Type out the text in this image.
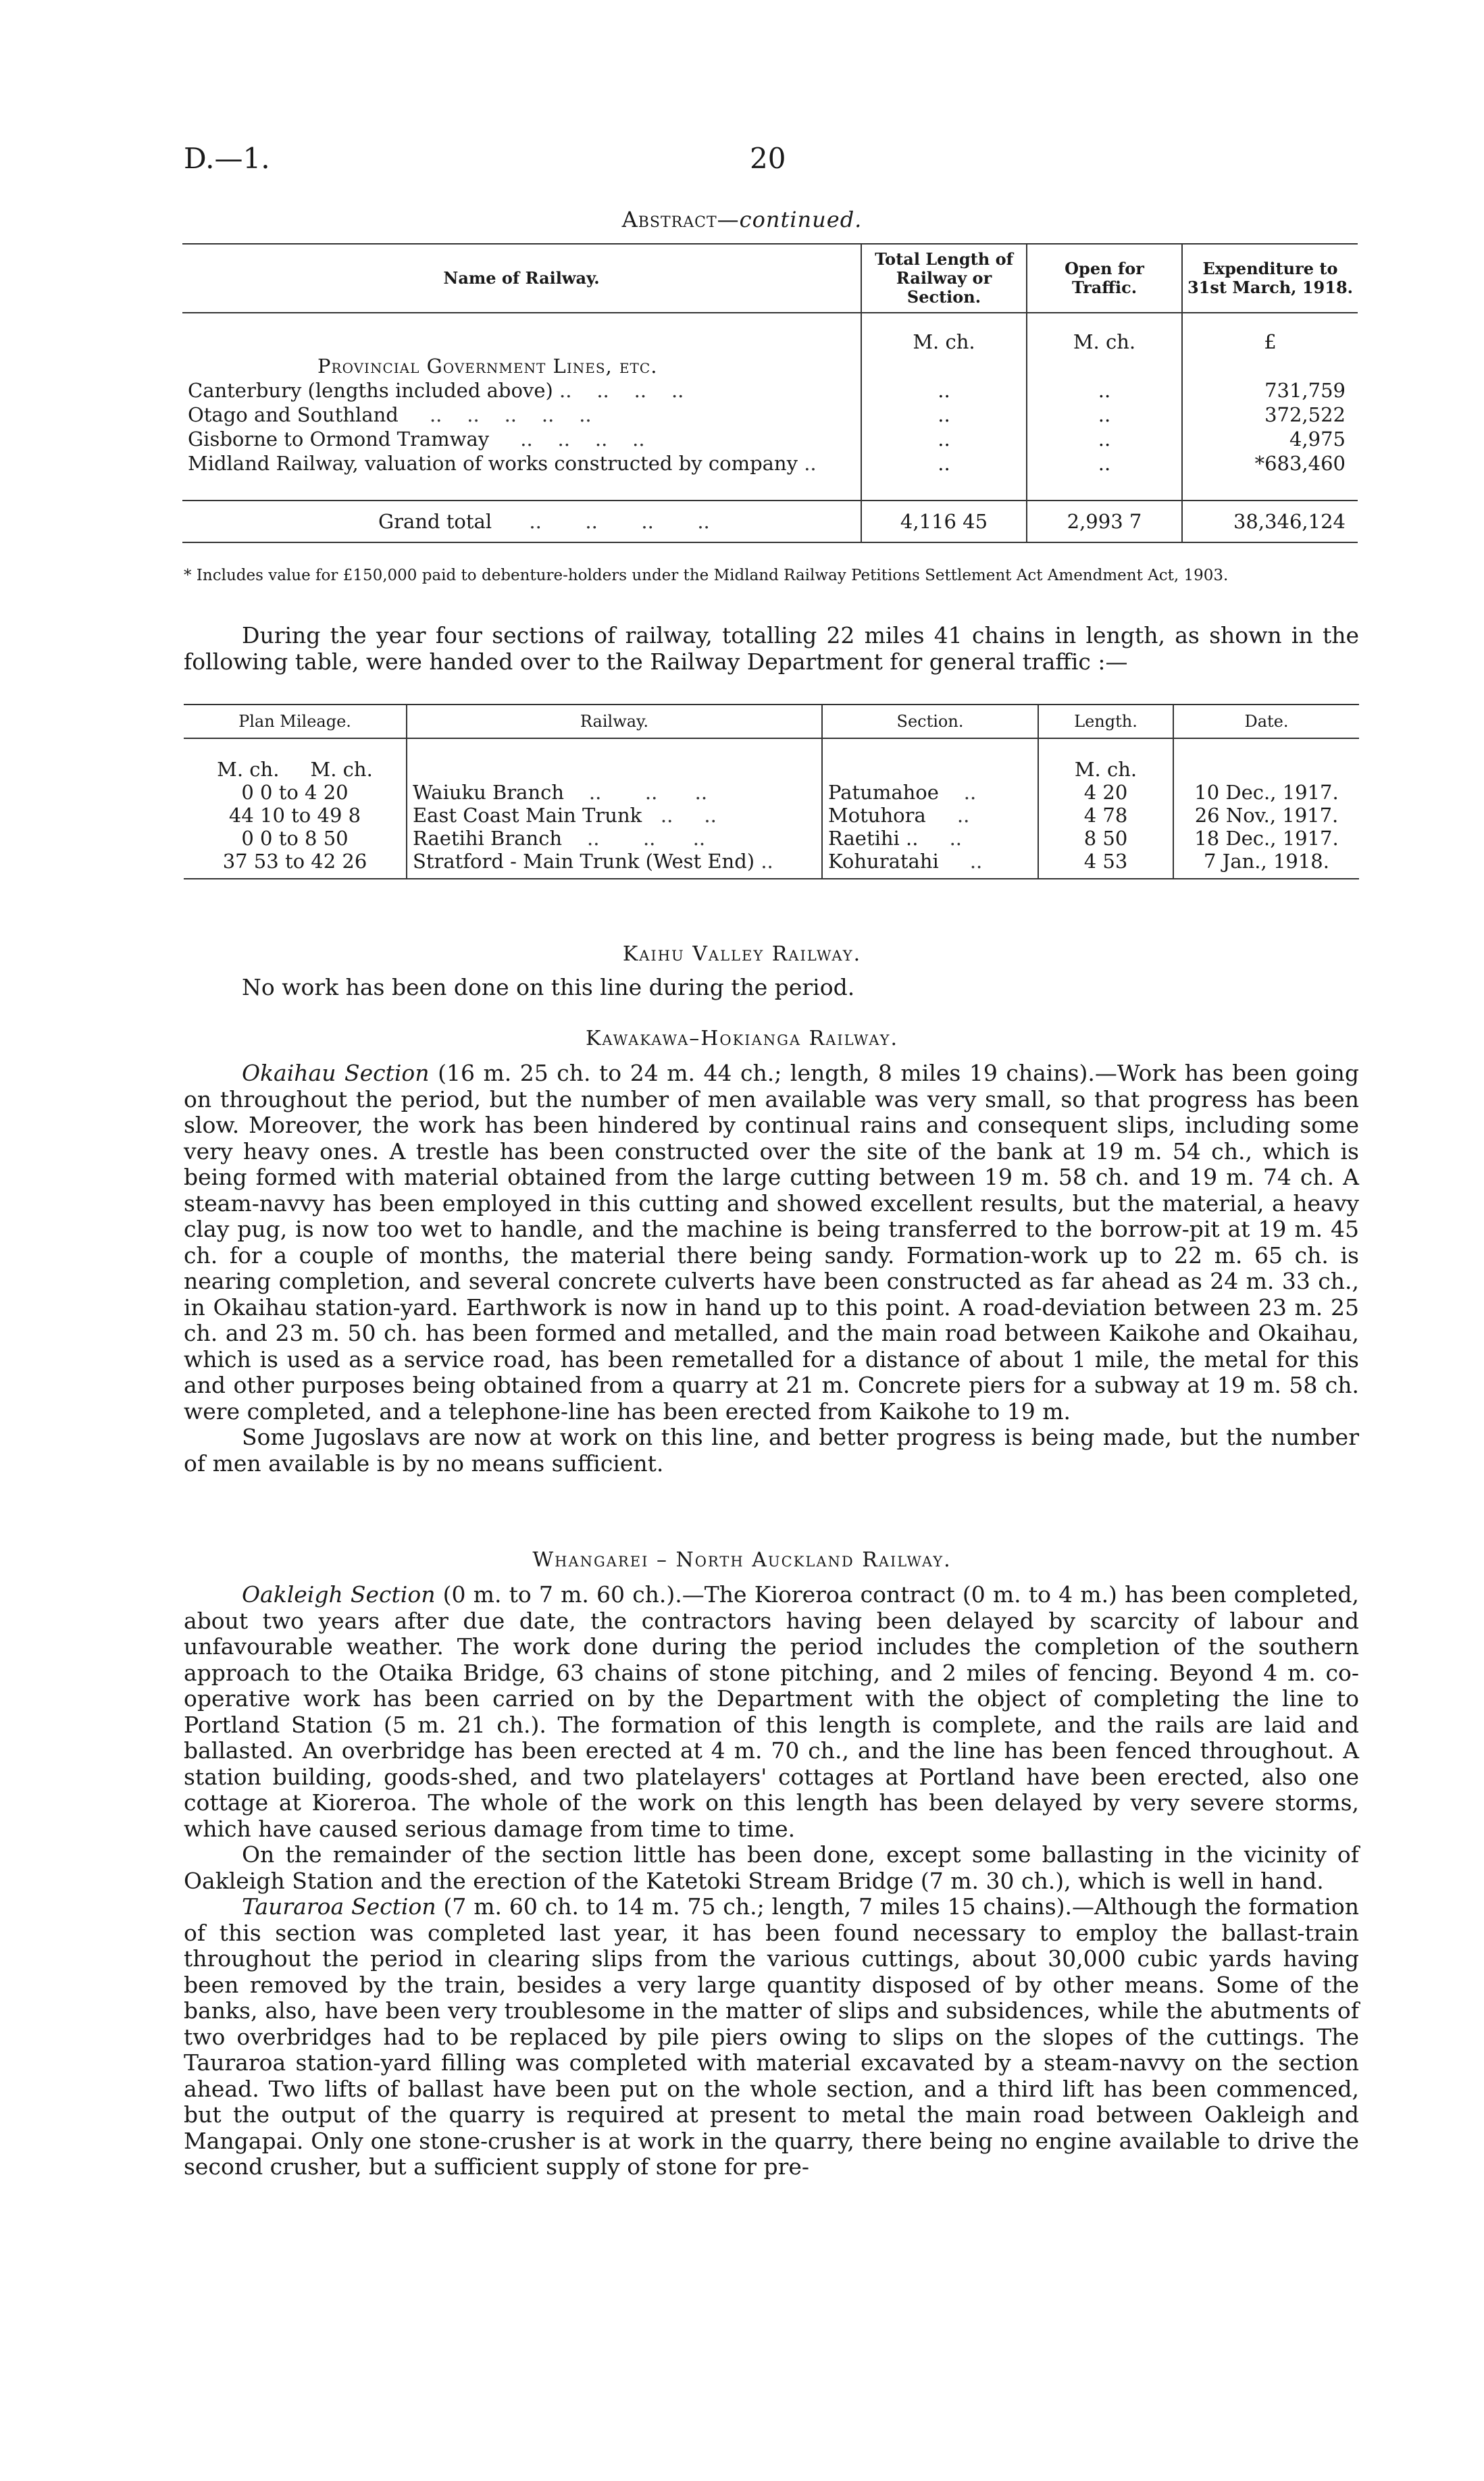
D.—1.	20
Abstract—continued.
Name of Railway.	Total Length of Railway or Section.	Open for Traffic.	Expenditure to 31st March, 1918.
	M. ch.	M. ch.	£
Provincial Government Lines, etc.			
Canterbury (lengths included above) ..    ..    ..    ..	..	..	731,759
Otago and Southland     ..    ..    ..    ..    ..	..	..	372,522
Gisborne to Ormond Tramway     ..    ..    ..    ..	..	..	4,975
Midland Railway, valuation of works constructed by company ..	..	..	*683,460

Grand total      ..       ..       ..       ..	4,116 45	2,993 7	38,346,124
* Includes value for £150,000 paid to debenture-holders under the Midland Railway Petitions Settlement Act Amendment Act, 1903.

During the year four sections of railway, totalling 22 miles 41 chains in length, as shown in the following table, were handed over to the Railway Department for general traffic :—

Plan Mileage.	Railway.	Section.	Length.	Date.
M. ch. M. ch.			M. ch.	
0 0 to 4 20	Waiuku Branch    ..       ..      ..	Patumahoe    ..	4 20	10 Dec., 1917.
44 10 to 49 8	East Coast Main Trunk   ..     ..	Motuhora     ..	4 78	26 Nov., 1917.
0 0 to 8 50	Raetihi Branch    ..       ..      ..	Raetihi ..     ..	8 50	18 Dec., 1917.
37 53 to 42 26	Stratford - Main Trunk (West End) ..	Kohuratahi     ..	4 53	7 Jan., 1918.
Kaihu Valley Railway.

No work has been done on this line during the period.

Kawakawa–Hokianga Railway.

Okaihau Section (16 m. 25 ch. to 24 m. 44 ch.; length, 8 miles 19 chains).—Work has been going on throughout the period, but the number of men available was very small, so that progress has been slow. Moreover, the work has been hindered by continual rains and consequent slips, including some very heavy ones. A trestle has been constructed over the site of the bank at 19 m. 54 ch., which is being formed with material obtained from the large cutting between 19 m. 58 ch. and 19 m. 74 ch. A steam-navvy has been employed in this cutting and showed excellent results, but the material, a heavy clay pug, is now too wet to handle, and the machine is being transferred to the borrow-pit at 19 m. 45 ch. for a couple of months, the material there being sandy. Formation-work up to 22 m. 65 ch. is nearing completion, and several concrete culverts have been constructed as far ahead as 24 m. 33 ch., in Okaihau station-yard. Earthwork is now in hand up to this point. A road-deviation between 23 m. 25 ch. and 23 m. 50 ch. has been formed and metalled, and the main road between Kaikohe and Okaihau, which is used as a service road, has been remetalled for a distance of about 1 mile, the metal for this and other purposes being obtained from a quarry at 21 m. Concrete piers for a subway at 19 m. 58 ch. were completed, and a telephone-line has been erected from Kaikohe to 19 m.

Some Jugoslavs are now at work on this line, and better progress is being made, but the number of men available is by no means sufficient.

Whangarei – North Auckland Railway.

Oakleigh Section (0 m. to 7 m. 60 ch.).—The Kioreroa contract (0 m. to 4 m.) has been completed, about two years after due date, the contractors having been delayed by scarcity of labour and unfavourable weather. The work done during the period includes the completion of the southern approach to the Otaika Bridge, 63 chains of stone pitching, and 2 miles of fencing. Beyond 4 m. co-operative work has been carried on by the Department with the object of completing the line to Portland Station (5 m. 21 ch.). The formation of this length is complete, and the rails are laid and ballasted. An overbridge has been erected at 4 m. 70 ch., and the line has been fenced throughout. A station building, goods-shed, and two platelayers' cottages at Portland have been erected, also one cottage at Kioreroa. The whole of the work on this length has been delayed by very severe storms, which have caused serious damage from time to time.

On the remainder of the section little has been done, except some ballasting in the vicinity of Oakleigh Station and the erection of the Katetoki Stream Bridge (7 m. 30 ch.), which is well in hand.

Tauraroa Section (7 m. 60 ch. to 14 m. 75 ch.; length, 7 miles 15 chains).—Although the formation of this section was completed last year, it has been found necessary to employ the ballast-train throughout the period in clearing slips from the various cuttings, about 30,000 cubic yards having been removed by the train, besides a very large quantity disposed of by other means. Some of the banks, also, have been very troublesome in the matter of slips and subsidences, while the abutments of two overbridges had to be replaced by pile piers owing to slips on the slopes of the cuttings. The Tauraroa station-yard filling was completed with material excavated by a steam-navvy on the section ahead. Two lifts of ballast have been put on the whole section, and a third lift has been commenced, but the output of the quarry is required at present to metal the main road between Oakleigh and Mangapai. Only one stone-crusher is at work in the quarry, there being no engine available to drive the second crusher, but a sufficient supply of stone for pre-
